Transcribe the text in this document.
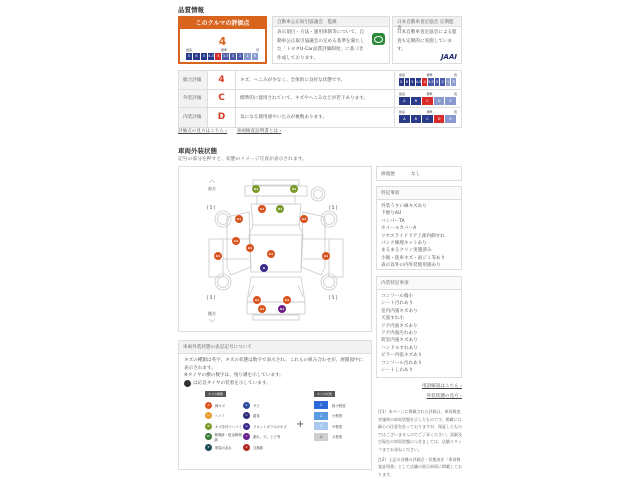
品質情報
このクルマの評価点
4
最高	標準	低
S	6	5 4.5 4 3.5 3	2	1	R
自動車公正取引協議会　監修
表示項目・方法・運用体制等について、自動車公正取引協議会の定める基準を満たした「トヨタU-Car品質評価制度」に基づき作成しております。
日本自動車査定協会 定期監査
日本自動車査定協会による監査も定期的に実施しています。
JAAI
総合評価	4	キズ、へこみが少なく、全体的に良好な状態です。
最高	標準	低
S 6 5 4.5 4 3.5 3 2 1 R
外装評価	C	標準的に使用されていて、キズやへこみなどが若干あります。
最高	標準	低
A	B	C	D	E
内装評価	D	気になる使用感やいたみが複数あります。
最高	標準	低
A	B	C	D	E
評価点の見方はこちら › 車両検査証明書とは ›
車両外装状態
記号の部分を押すと、状態のイメージ写真が表示されます。
前方
後方
[ 5 ]	[ 5 ]
[ 5 ]	[ 5 ]
U1	U1
A1	U1
A1	A1
A1
A1
A1
A1	A1
G
A1	A1
A1	X1
修復歴	なし
特記事項
外装うすい線キズあり
下廻りAU
バンパーTA
ホイールカバーA
リヤスライドドア上部内側すれ
パンク修理キットあり
まるまるクリン実施済み
小傷・洗車キズ・雨ジミ等あり
表示以外の内外装使用感あり
内装特記事項
コンソール傷小
シート汚れあり
室内内張キズあり
天張すれ小
ドア内張キズあり
ドア内張汚れあり
荷室内張キズあり
ハンドルすれあり
ピラー内張キズあり
コンソール汚れあり
シートしわあり
用語解説はこちら ›
外装状態の見方 ›

注1）本ページに掲載された評価は、車両検査実施時の車両状態を示したものです。掲載には細心の注意を払っておりますが、保証したものではございませんのでご了承ください。詳細及び現在の車両状態につきましては、店舗スタッフまでお尋ねください。

注2）上記の各種の評価点・状態表を「車両検査証明書」として店舗の展示車両に掲載しております。

車両外装状態の表記記号について
キズの種類は英字、キズの状態は数字で表示され、これらの組み合わせが、展開図中に表示されます。
※タイヤの横の数字は、残り溝を示しています。
は応急タイヤの装着を示しています。
キズの種類
A	線キズ
U	ヘコミ
B	キズを伴うヘコミ
W	修理跡・板金修理跡
P	塗装の乱れ
S	サビ
C	腐食
G	フロントガラスのキズ
Y	割れ、穴、ヒビ等
X	交換跡
+
キズの状態
1	極小程度
2	小程度
3	中程度
4	大程度
